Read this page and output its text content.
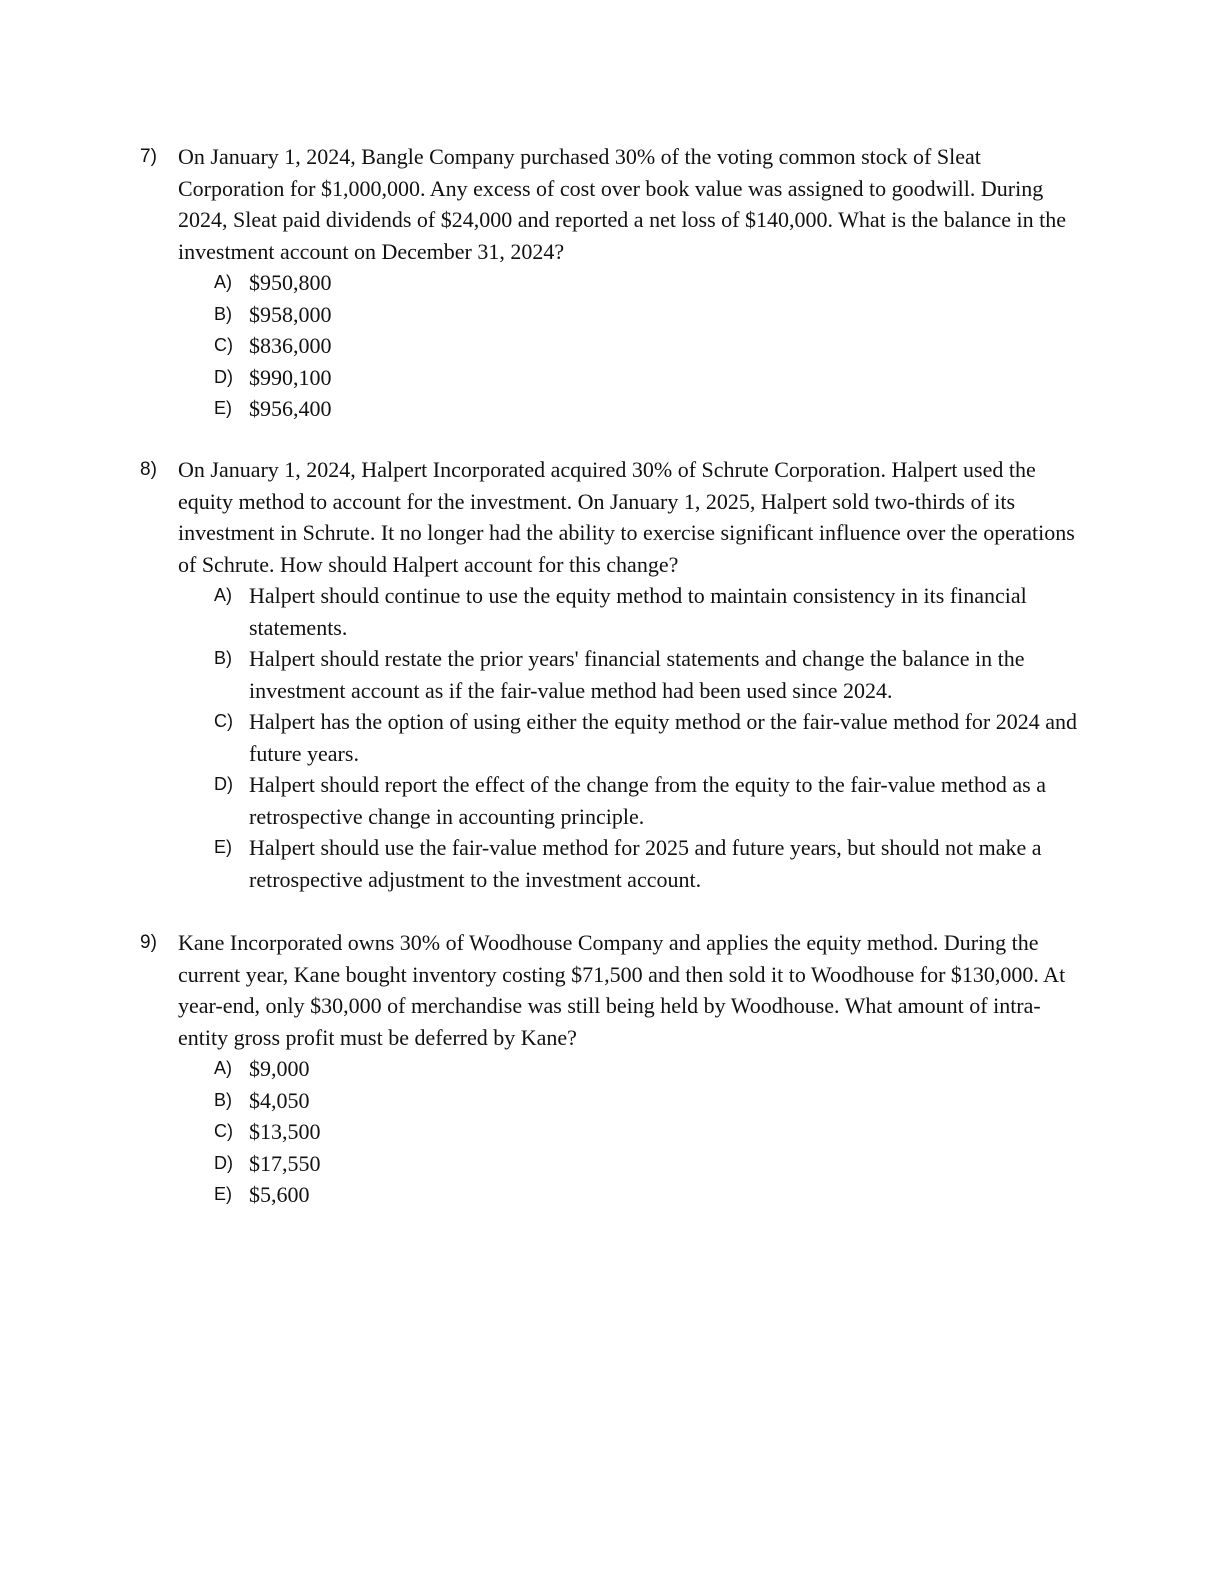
7) On January 1, 2024, Bangle Company purchased 30% of the voting common stock of Sleat Corporation for $1,000,000. Any excess of cost over book value was assigned to goodwill. During 2024, Sleat paid dividends of $24,000 and reported a net loss of $140,000. What is the balance in the investment account on December 31, 2024?
A) $950,800
B) $958,000
C) $836,000
D) $990,100
E) $956,400
8) On January 1, 2024, Halpert Incorporated acquired 30% of Schrute Corporation. Halpert used the equity method to account for the investment. On January 1, 2025, Halpert sold two-thirds of its investment in Schrute. It no longer had the ability to exercise significant influence over the operations of Schrute. How should Halpert account for this change?
A) Halpert should continue to use the equity method to maintain consistency in its financial statements.
B) Halpert should restate the prior years' financial statements and change the balance in the investment account as if the fair-value method had been used since 2024.
C) Halpert has the option of using either the equity method or the fair-value method for 2024 and future years.
D) Halpert should report the effect of the change from the equity to the fair-value method as a retrospective change in accounting principle.
E) Halpert should use the fair-value method for 2025 and future years, but should not make a retrospective adjustment to the investment account.
9) Kane Incorporated owns 30% of Woodhouse Company and applies the equity method. During the current year, Kane bought inventory costing $71,500 and then sold it to Woodhouse for $130,000. At year-end, only $30,000 of merchandise was still being held by Woodhouse. What amount of intra-entity gross profit must be deferred by Kane?
A) $9,000
B) $4,050
C) $13,500
D) $17,550
E) $5,600
